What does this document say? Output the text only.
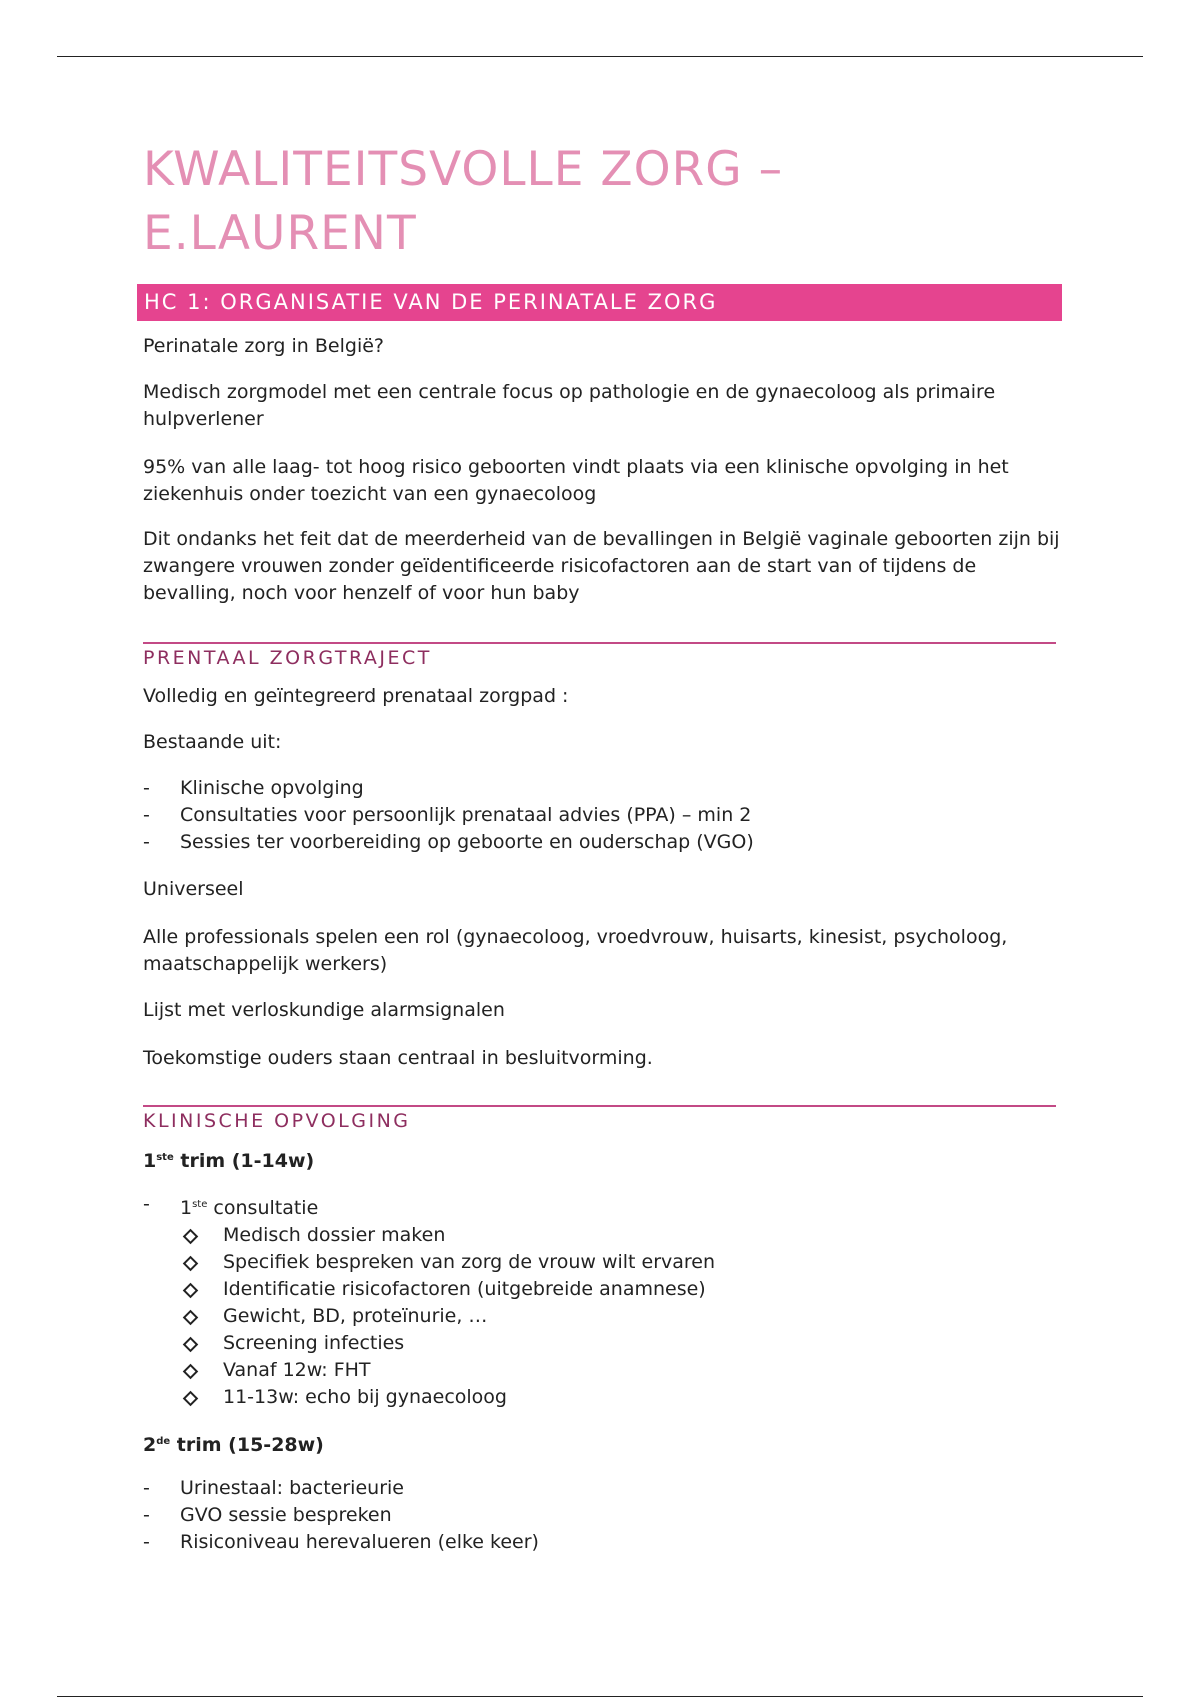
KWALITEITSVOLLE ZORG –
E.LAURENT
HC 1: ORGANISATIE VAN DE PERINATALE ZORG

Perinatale zorg in België?

Medisch zorgmodel met een centrale focus op pathologie en de gynaecoloog als primaire hulpverlener

95% van alle laag- tot hoog risico geboorten vindt plaats via een klinische opvolging in het ziekenhuis onder toezicht van een gynaecoloog

Dit ondanks het feit dat de meerderheid van de bevallingen in België vaginale geboorten zijn bij zwangere vrouwen zonder geïdentificeerde risicofactoren aan de start van of tijdens de bevalling, noch voor henzelf of voor hun baby

PRENTAAL ZORGTRAJECT

Volledig en geïntegreerd prenataal zorgpad :

Bestaande uit:

- Klinische opvolging
- Consultaties voor persoonlijk prenataal advies (PPA) – min 2
- Sessies ter voorbereiding op geboorte en ouderschap (VGO)

Universeel

Alle professionals spelen een rol (gynaecoloog, vroedvrouw, huisarts, kinesist, psycholoog, maatschappelijk werkers)

Lijst met verloskundige alarmsignalen

Toekomstige ouders staan centraal in besluitvorming.

KLINISCHE OPVOLGING
1ste trim (1-14w)
- 1ste consultatie
Medisch dossier maken
Specifiek bespreken van zorg de vrouw wilt ervaren
Identificatie risicofactoren (uitgebreide anamnese)
Gewicht, BD, proteïnurie, …
Screening infecties
Vanaf 12w: FHT
11-13w: echo bij gynaecoloog
2de trim (15-28w)
- Urinestaal: bacterieurie
- GVO sessie bespreken
- Risiconiveau herevalueren (elke keer)
